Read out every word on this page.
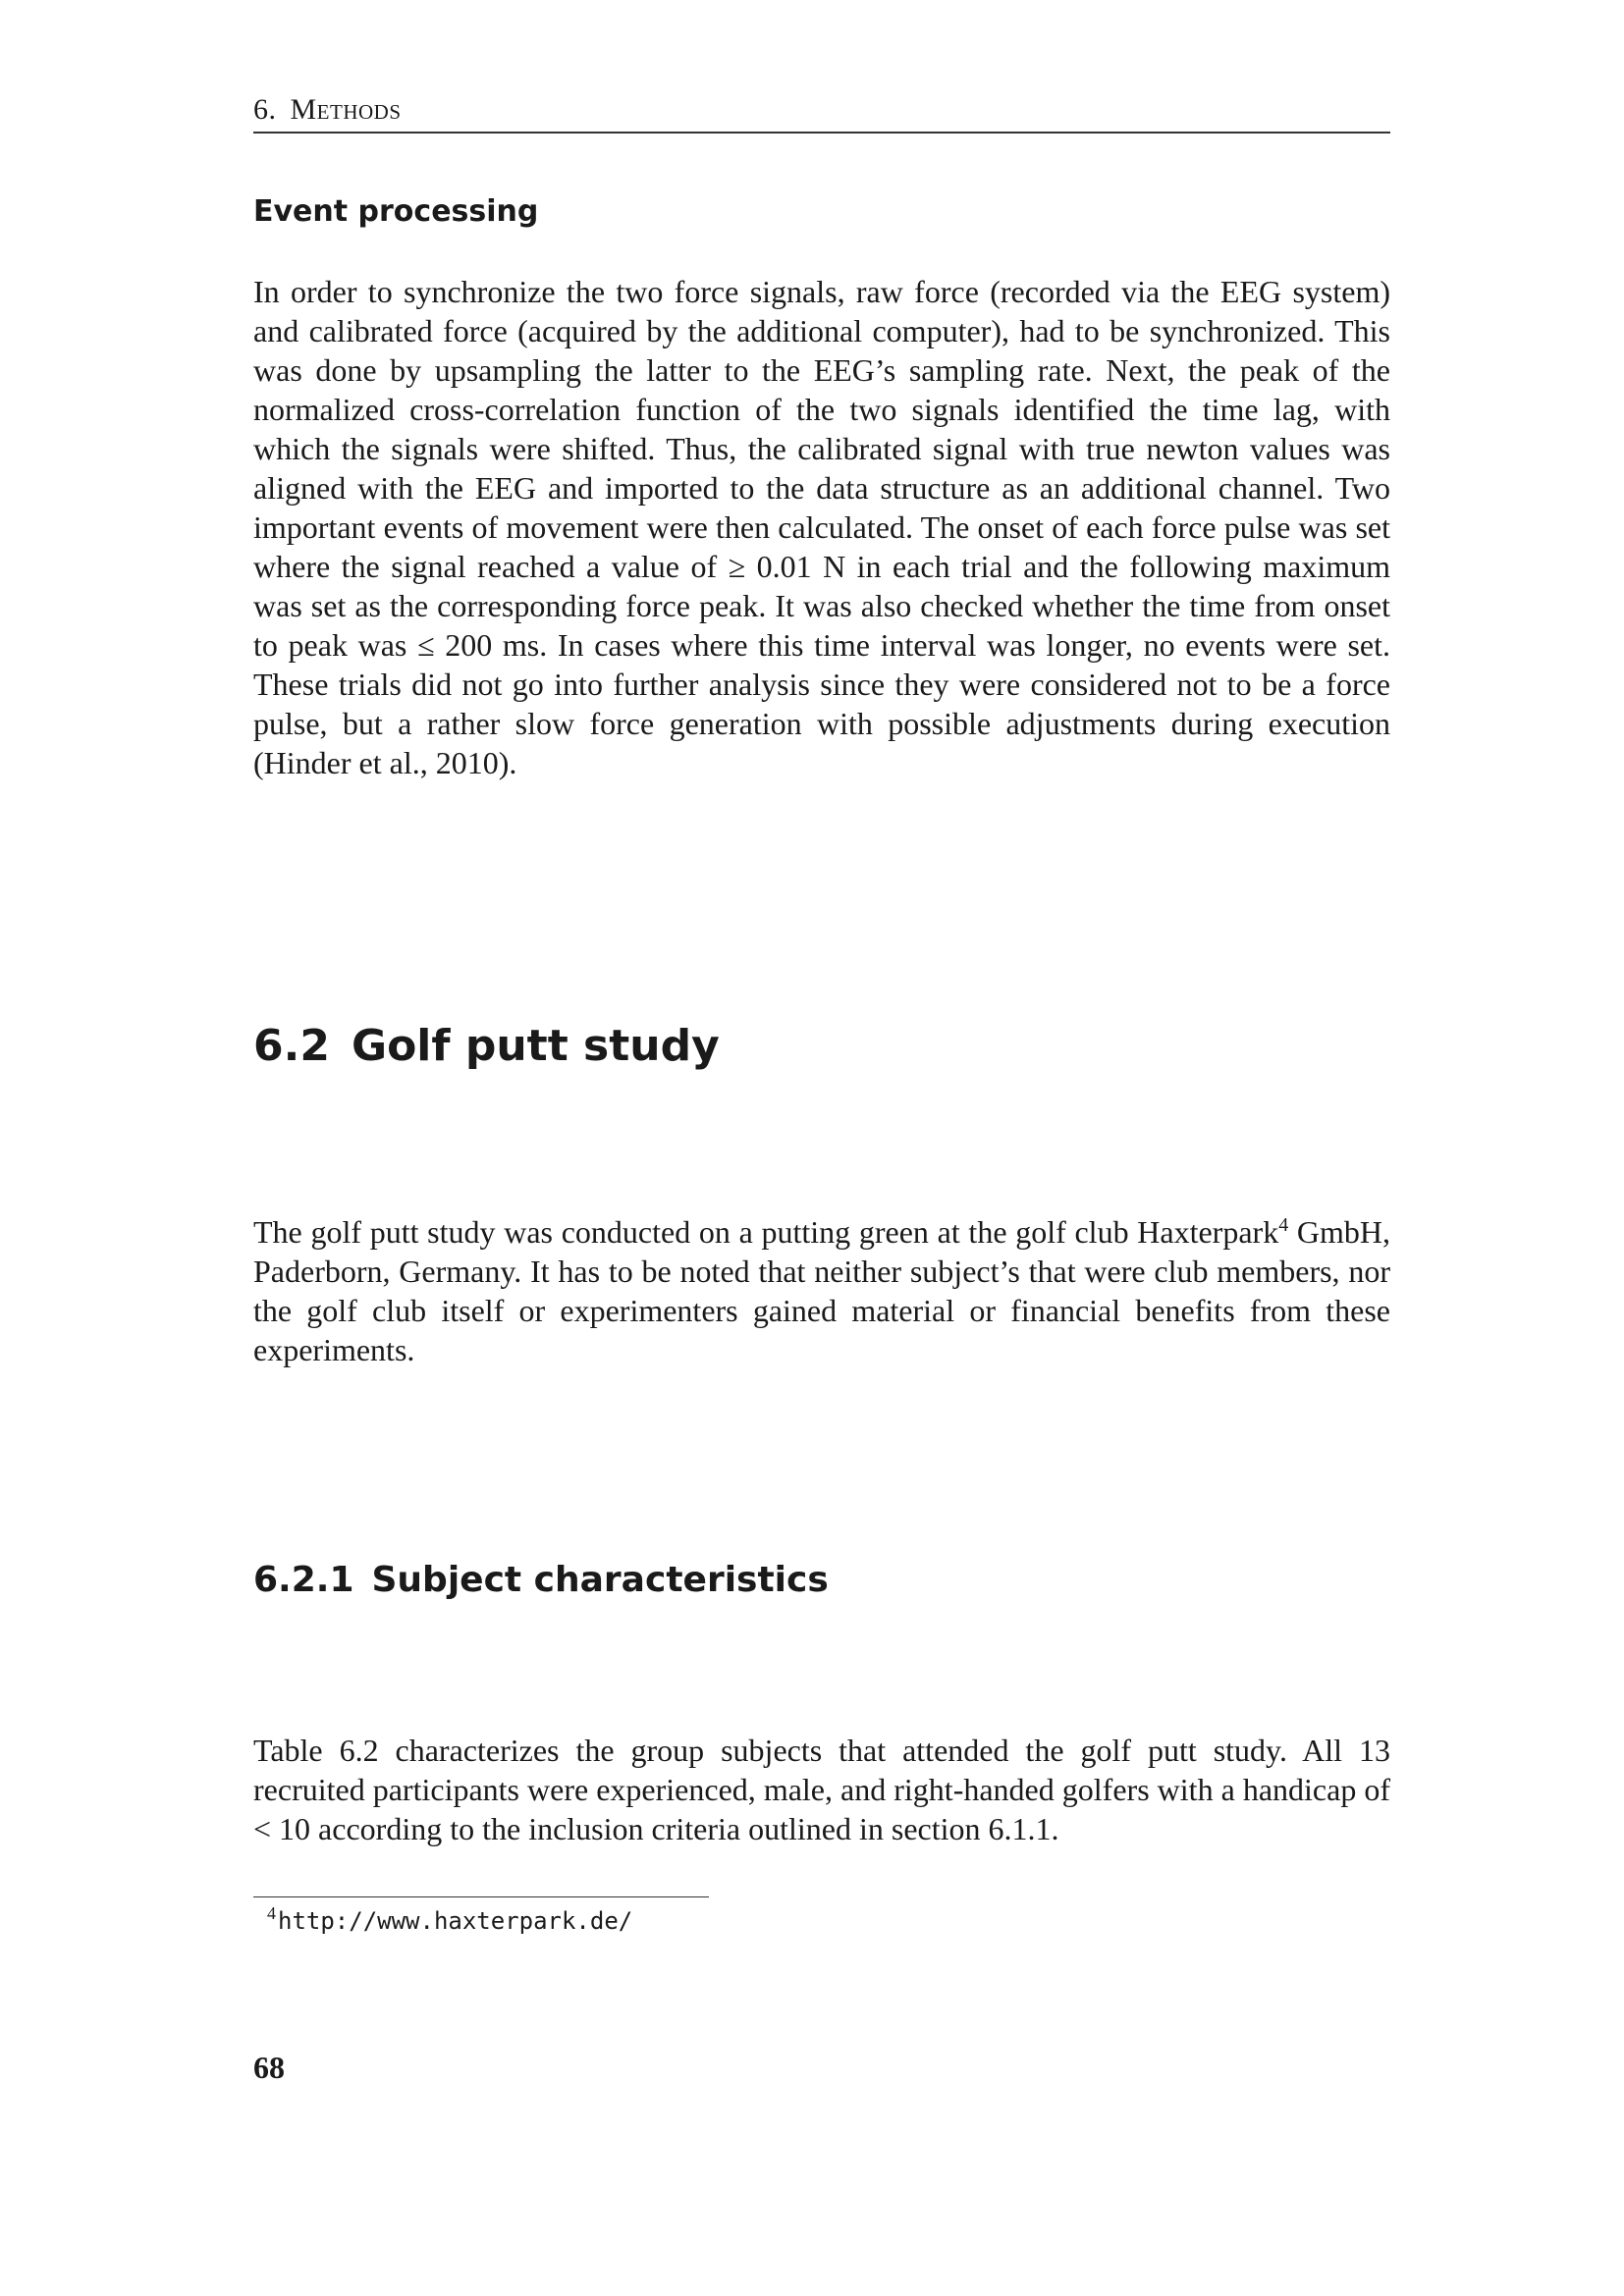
6. Methods
Event processing

In order to synchronize the two force signals, raw force (recorded via the EEG system) and calibrated force (acquired by the additional computer), had to be synchronized. This was done by upsampling the latter to the EEG’s sampling rate. Next, the peak of the normalized cross-correlation function of the two signals identified the time lag, with which the signals were shifted. Thus, the calibrated signal with true newton values was aligned with the EEG and imported to the data structure as an additional channel. Two important events of movement were then calculated. The onset of each force pulse was set where the signal reached a value of ≥ 0.01 N in each trial and the following maximum was set as the corresponding force peak. It was also checked whether the time from onset to peak was ≤ 200 ms. In cases where this time interval was longer, no events were set. These trials did not go into further analysis since they were considered not to be a force pulse, but a rather slow force generation with possible adjustments during execution (Hinder et al., 2010).

6.2 Golf putt study

The golf putt study was conducted on a putting green at the golf club Haxterpark$^4$ GmbH, Paderborn, Germany. It has to be noted that neither subject’s that were club members, nor the golf club itself or experimenters gained material or financial benefits from these experiments.

6.2.1 Subject characteristics

Table 6.2 characterizes the group subjects that attended the golf putt study. All 13 recruited participants were experienced, male, and right-handed golfers with a handicap of < 10 according to the inclusion criteria outlined in section 6.1.1.

$^4$http://www.haxterpark.de/
68
